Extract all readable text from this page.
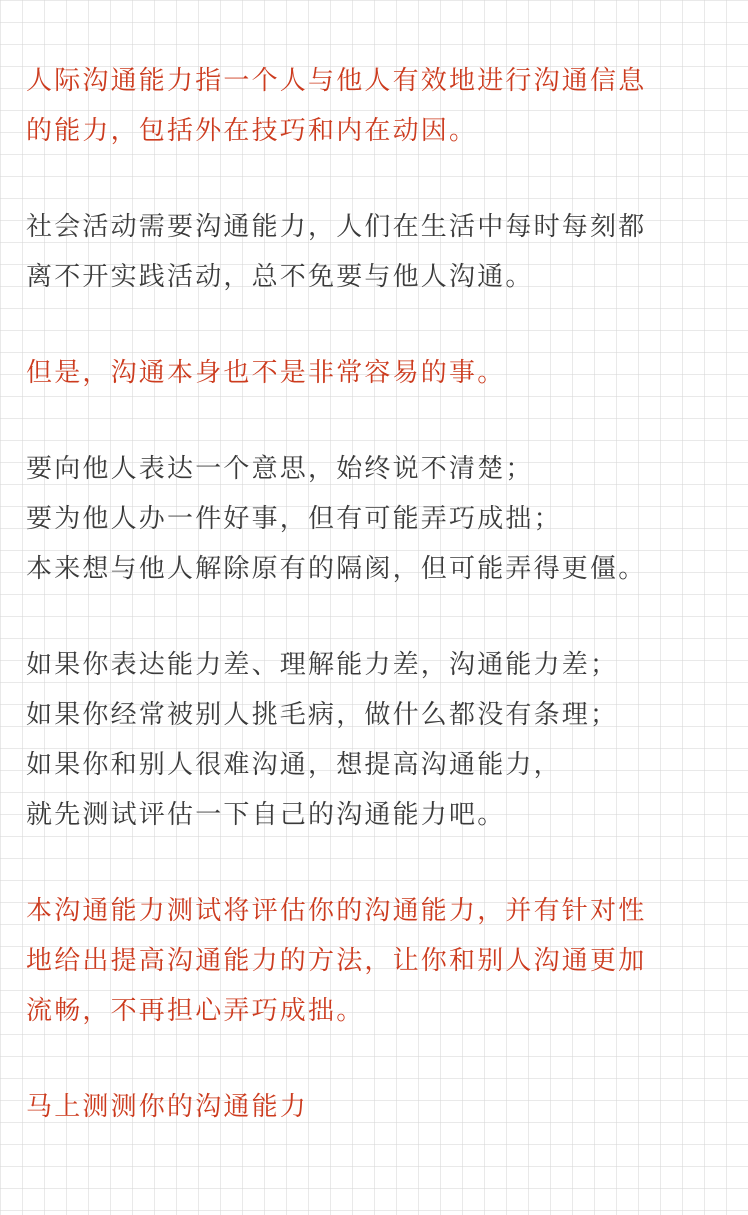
人际沟通能力指一个人与他人有效地进行沟通信息
的能力，包括外在技巧和内在动因。

社会活动需要沟通能力，人们在生活中每时每刻都
离不开实践活动，总不免要与他人沟通。

但是，沟通本身也不是非常容易的事。

要向他人表达一个意思，始终说不清楚；
要为他人办一件好事，但有可能弄巧成拙；
本来想与他人解除原有的隔阂，但可能弄得更僵。

如果你表达能力差、理解能力差，沟通能力差；
如果你经常被别人挑毛病，做什么都没有条理；
如果你和别人很难沟通，想提高沟通能力，
就先测试评估一下自己的沟通能力吧。

本沟通能力测试将评估你的沟通能力，并有针对性
地给出提高沟通能力的方法，让你和别人沟通更加
流畅，不再担心弄巧成拙。

马上测测你的沟通能力
